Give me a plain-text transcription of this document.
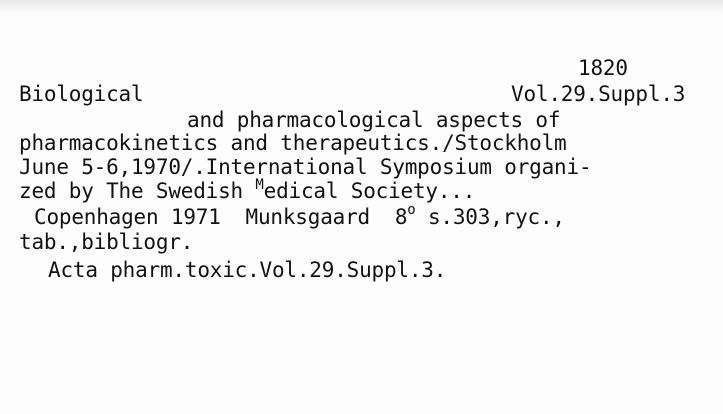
1820
Biological	Vol.29.Suppl.3
and pharmacological aspects of
pharmacokinetics and therapeutics./Stockholm
June 5-6,1970/.International Symposium organi-
zed by The Swedish $^M$edical Society...
Copenhagen 1971  Munksgaard  8$^o$ s.303,ryc.,
tab.,bibliogr.
Acta pharm.toxic.Vol.29.Suppl.3.
